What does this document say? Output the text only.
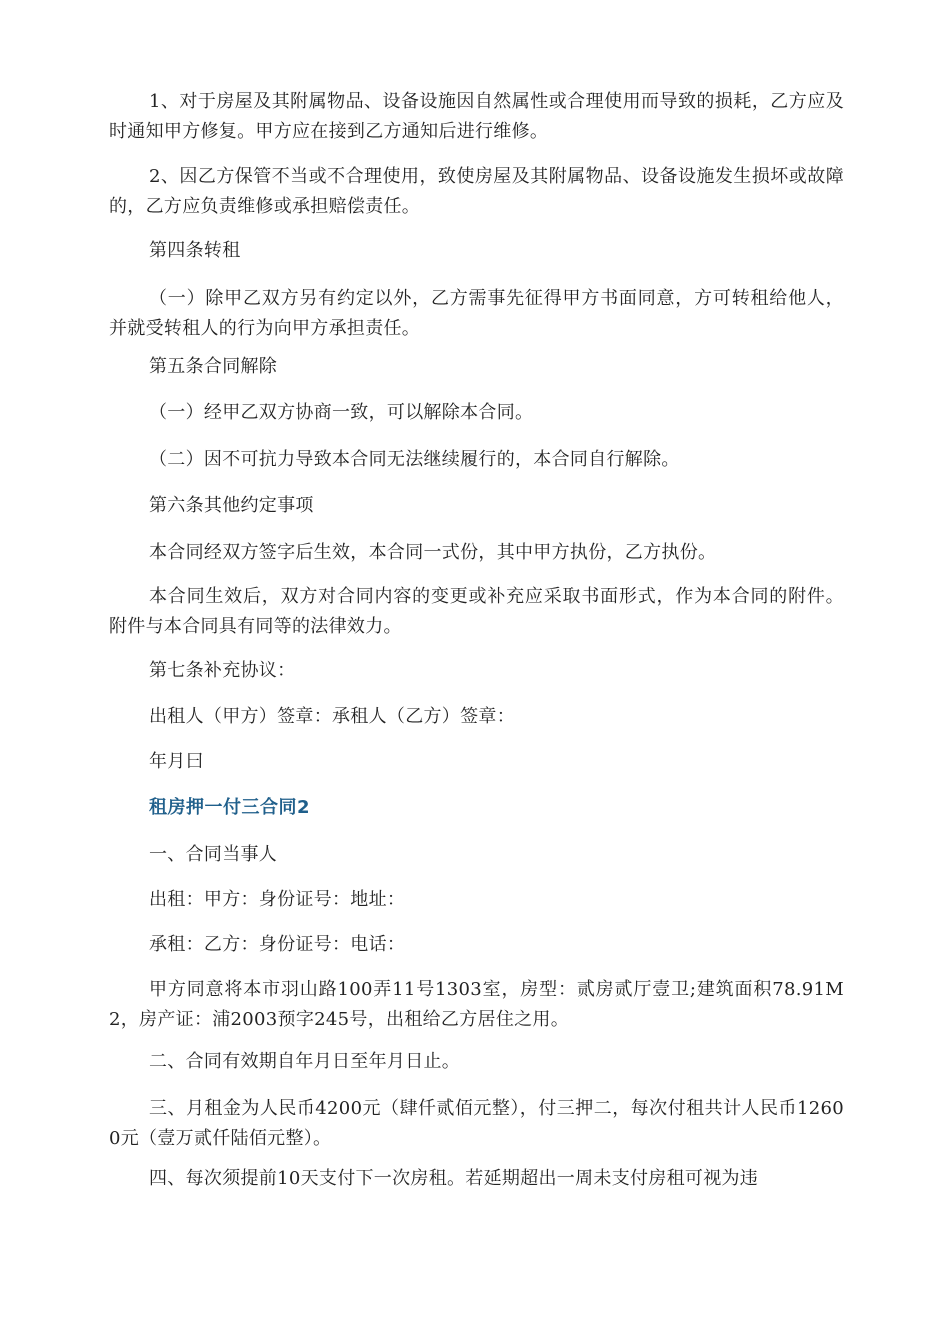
1、对于房屋及其附属物品、设备设施因自然属性或合理使用而导致的损耗，乙方应及时通知甲方修复。甲方应在接到乙方通知后进行维修。

2、因乙方保管不当或不合理使用，致使房屋及其附属物品、设备设施发生损坏或故障的，乙方应负责维修或承担赔偿责任。

第四条转租

（一）除甲乙双方另有约定以外，乙方需事先征得甲方书面同意，方可转租给他人，并就受转租人的行为向甲方承担责任。

第五条合同解除

（一）经甲乙双方协商一致，可以解除本合同。

（二）因不可抗力导致本合同无法继续履行的，本合同自行解除。

第六条其他约定事项

本合同经双方签字后生效，本合同一式份，其中甲方执份，乙方执份。

本合同生效后，双方对合同内容的变更或补充应采取书面形式，作为本合同的附件。附件与本合同具有同等的法律效力。

第七条补充协议：

出租人（甲方）签章：承租人（乙方）签章：

年月曰

租房押一付三合同2

一、合同当事人

出租：甲方：身份证号：地址：

承租：乙方：身份证号：电话：

甲方同意将本市羽山路100弄11号1303室，房型：贰房贰厅壹卫;建筑面积78.91M2，房产证：浦2003预字245号，出租给乙方居住之用。

二、合同有效期自年月日至年月日止。

三、月租金为人民币4200元（肆仟贰佰元整），付三押二，每次付租共计人民币12600元（壹万贰仟陆佰元整）。

四、每次须提前10天支付下一次房租。若延期超出一周未支付房租可视为违
